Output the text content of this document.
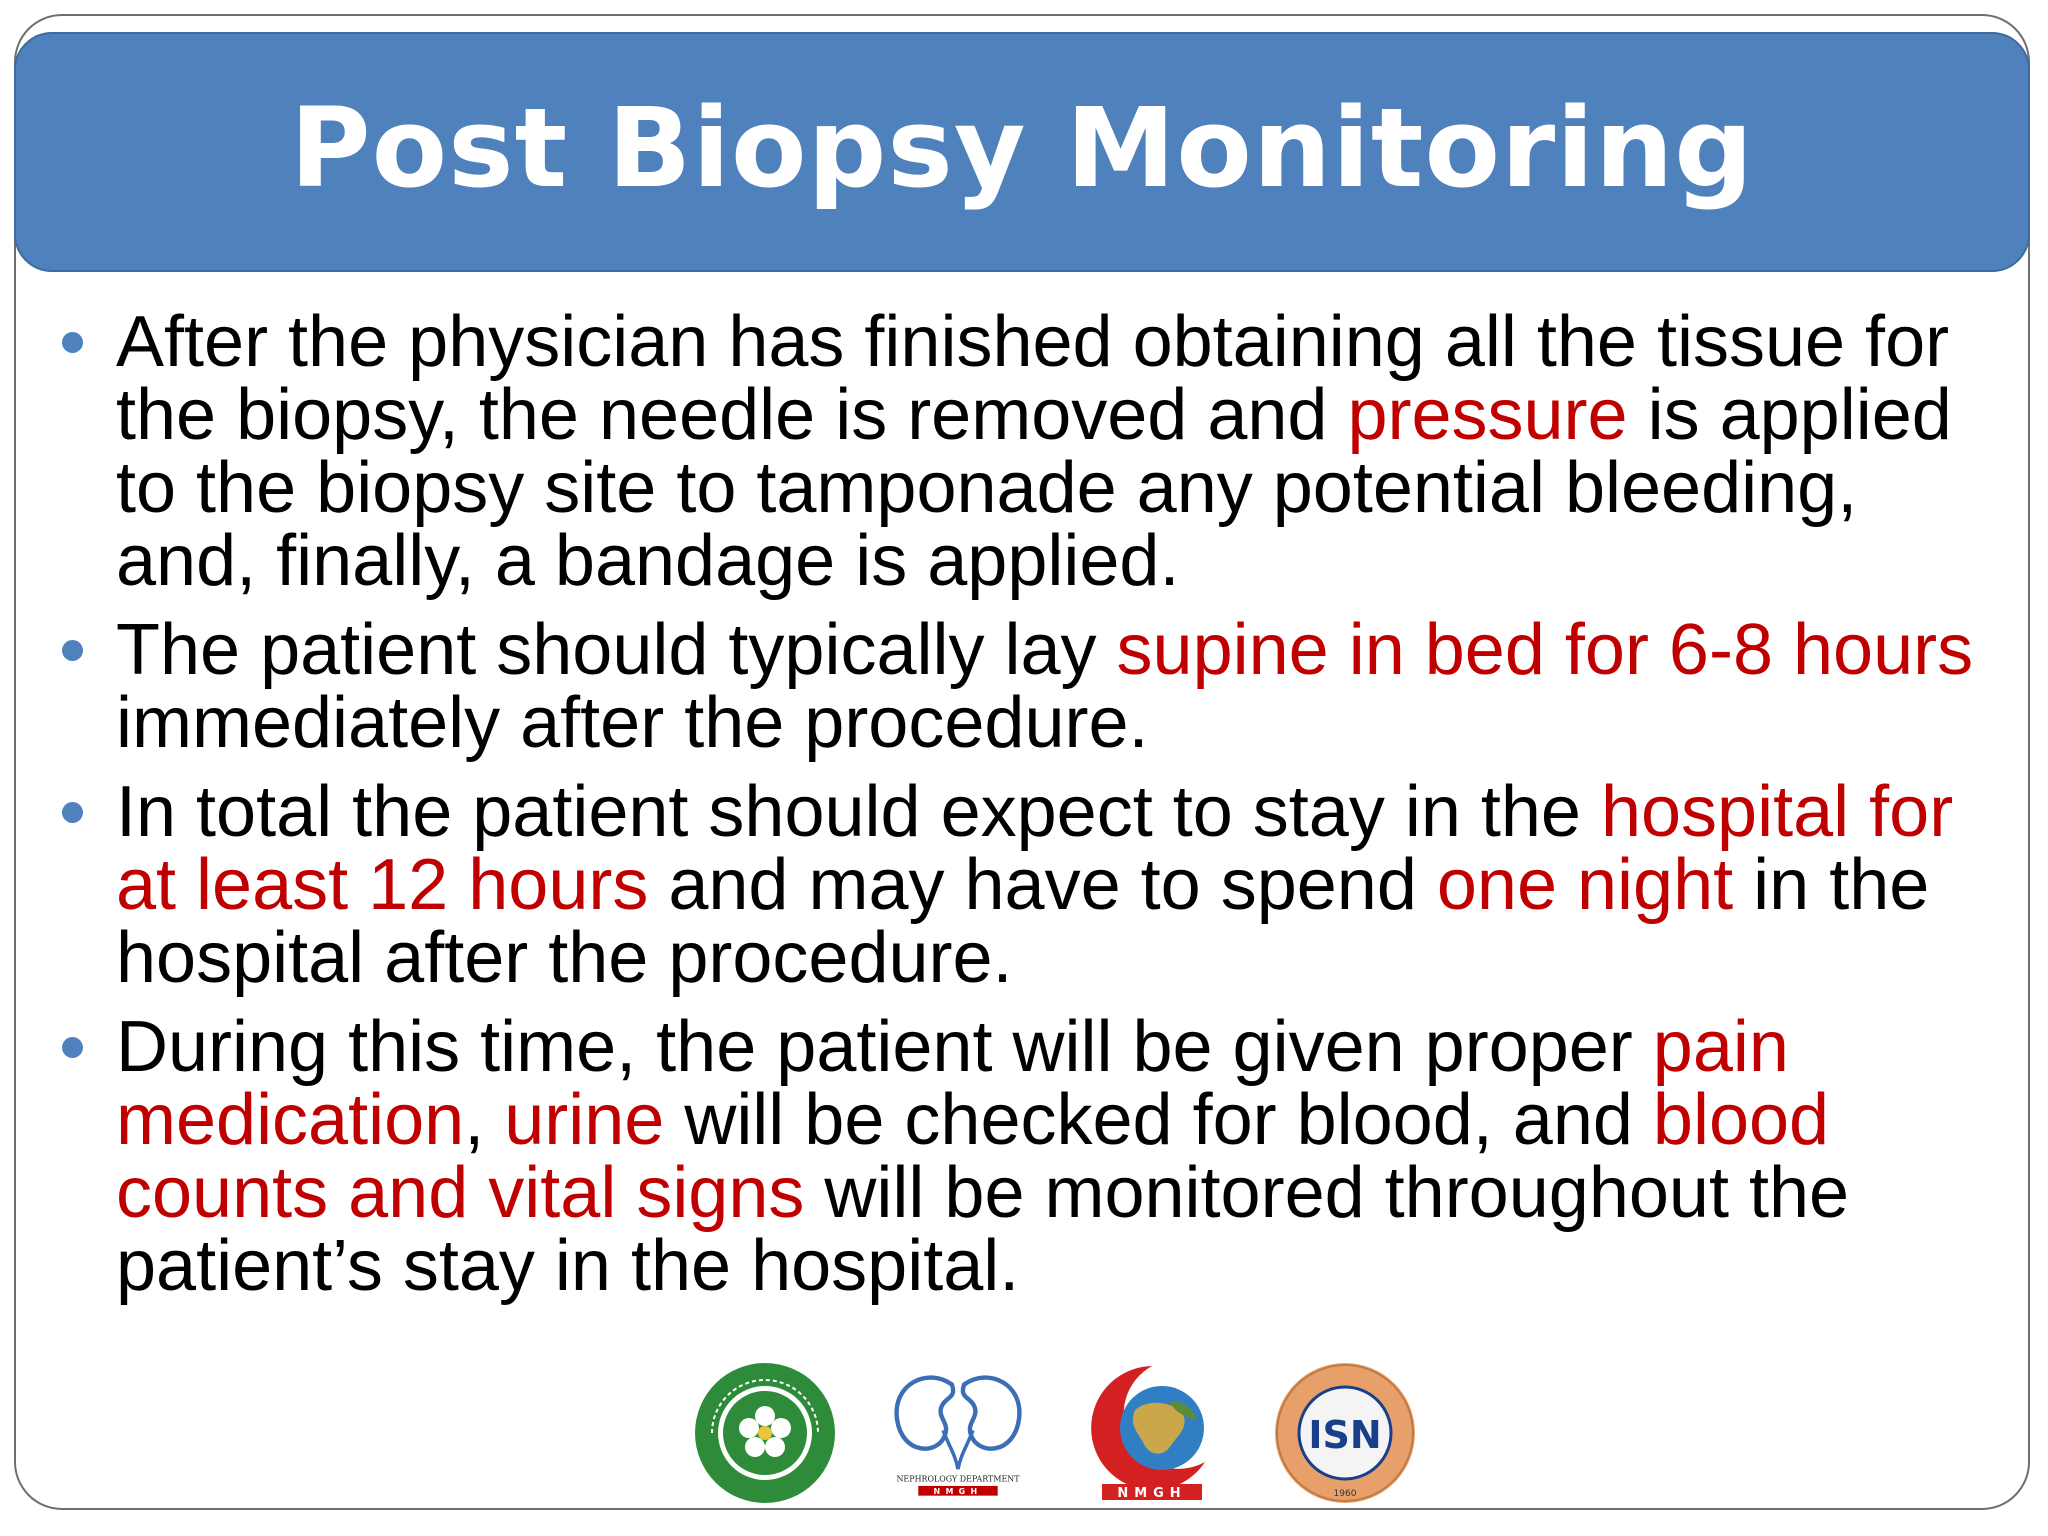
Post Biopsy Monitoring
After the physician has finished obtaining all the tissue for the biopsy, the needle is removed and pressure is applied to the biopsy site to tamponade any potential bleeding, and, finally, a bandage is applied.
The patient should typically lay supine in bed for 6-8 hours immediately after the procedure.
In total the patient should expect to stay in the hospital for at least 12 hours and may have to spend one night in the hospital after the procedure.
During this time, the patient will be given proper pain medication, urine will be checked for blood, and blood counts and vital signs will be monitored throughout the patient’s stay in the hospital.
NEPHROLOGY DEPARTMENT
NMGH	NMGH
ISN
1960
